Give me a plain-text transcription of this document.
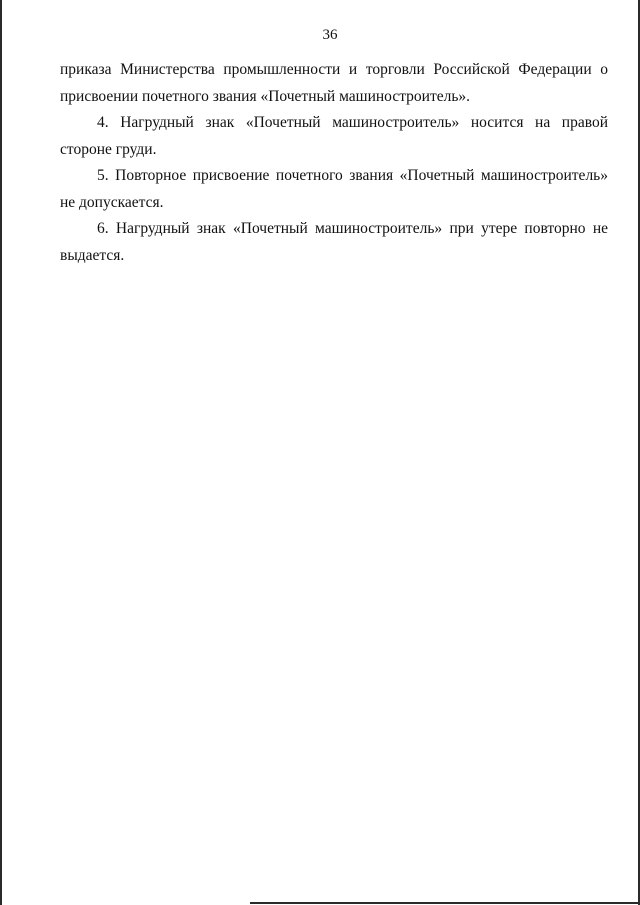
36

приказа Министерства промышленности и торговли Российской Федерации о присвоении почетного звания «Почетный машиностроитель».

4. Нагрудный знак «Почетный машиностроитель» носится на правой стороне груди.

5. Повторное присвоение почетного звания «Почетный машиностроитель» не допускается.

6. Нагрудный знак «Почетный машиностроитель» при утере повторно не выдается.
